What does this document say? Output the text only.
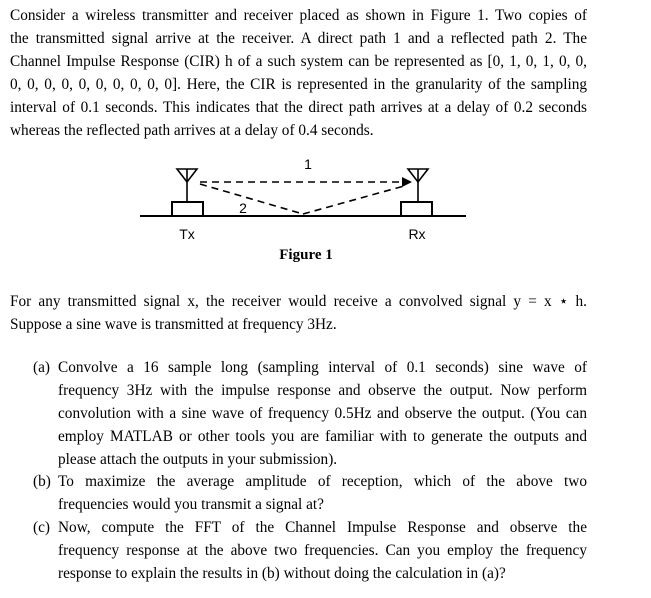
Consider a wireless transmitter and receiver placed as shown in Figure 1. Two copies of
the transmitted signal arrive at the receiver. A direct path 1 and a reflected path 2. The
Channel Impulse Response (CIR) h of a such system can be represented as [0, 1, 0, 1, 0, 0,
0, 0, 0, 0, 0, 0, 0, 0, 0, 0]. Here, the CIR is represented in the granularity of the sampling
interval of 0.1 seconds. This indicates that the direct path arrives at a delay of 0.2 seconds
whereas the reflected path arrives at a delay of 0.4 seconds.
1
2
Tx	Rx
Figure 1
For any transmitted signal x, the receiver would receive a convolved signal y = x ⋆ h.
Suppose a sine wave is transmitted at frequency 3Hz.
(a) Convolve a 16 sample long (sampling interval of 0.1 seconds) sine wave of
frequency 3Hz with the impulse response and observe the output. Now perform
convolution with a sine wave of frequency 0.5Hz and observe the output. (You can
employ MATLAB or other tools you are familiar with to generate the outputs and
please attach the outputs in your submission).
(b) To maximize the average amplitude of reception, which of the above two
frequencies would you transmit a signal at?
(c) Now, compute the FFT of the Channel Impulse Response and observe the
frequency response at the above two frequencies. Can you employ the frequency
response to explain the results in (b) without doing the calculation in (a)?
